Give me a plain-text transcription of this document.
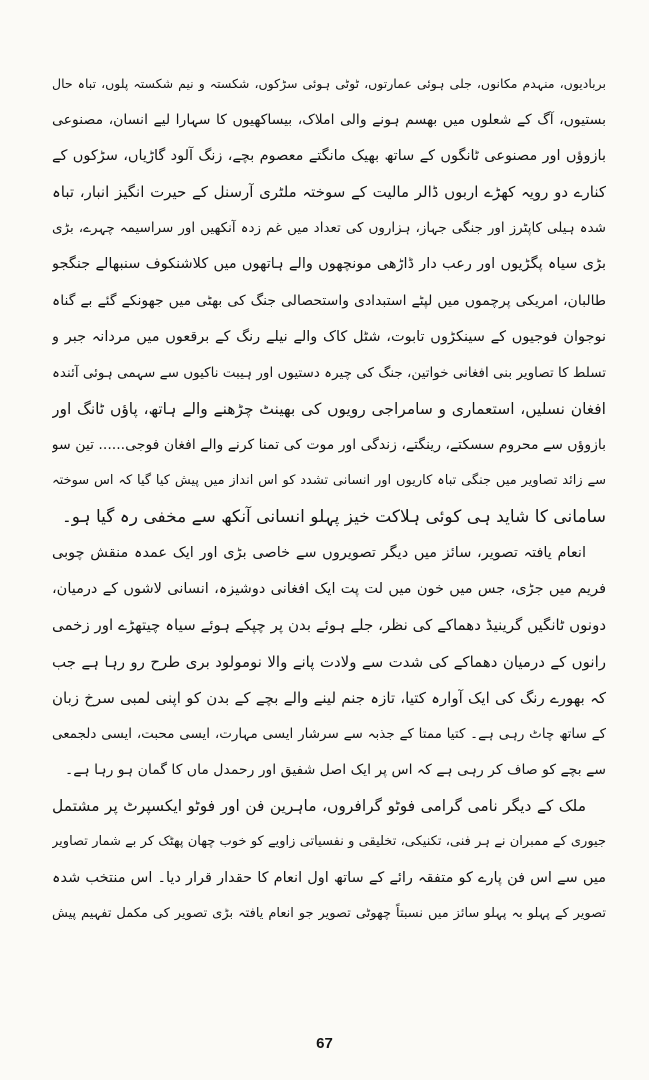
بربادیوں، منہدم مکانوں، جلی ہوئی عمارتوں، ٹوٹی ہوئی سڑکوں، شکستہ و نیم شکستہ پلوں، تباہ حال
بستیوں، آگ کے شعلوں میں بھسم ہونے والی املاک، بیساکھیوں کا سہارا لیے انسان، مصنوعی
بازوؤں اور مصنوعی ٹانگوں کے ساتھ بھیک مانگتے معصوم بچے، زنگ آلود گاڑیاں، سڑکوں کے
کنارے دو رویہ کھڑے اربوں ڈالر مالیت کے سوختہ ملٹری آرسنل کے حیرت انگیز انبار، تباہ
شدہ ہیلی کاپٹرز اور جنگی جہاز، ہزاروں کی تعداد میں غم زدہ آنکھیں اور سراسیمہ چہرے، بڑی
بڑی سیاہ پگڑیوں اور رعب دار ڈاڑھی مونچھوں والے ہاتھوں میں کلاشنکوف سنبھالے جنگجو
طالبان، امریکی پرچموں میں لپٹے استبدادی واستحصالی جنگ کی بھٹی میں جھونکے گئے بے گناہ
نوجوان فوجیوں کے سینکڑوں تابوت، شٹل کاک والے نیلے رنگ کے برقعوں میں مردانہ جبر و
تسلط کا تصاویر بنی افغانی خواتین، جنگ کی چیرہ دستیوں اور ہیبت ناکیوں سے سہمی ہوئی آئندہ
افغان نسلیں، استعماری و سامراجی رویوں کی بھینٹ چڑھنے والے ہاتھ، پاؤں ٹانگ اور
بازوؤں سے محروم سسکتے، رینگتے، زندگی اور موت کی تمنا کرنے والے افغان فوجی...... تین سو
سے زائد تصاویر میں جنگی تباہ کاریوں اور انسانی تشدد کو اس انداز میں پیش کیا گیا کہ اس سوختہ
سامانی کا شاید ہی کوئی ہلاکت خیز پہلو انسانی آنکھ سے مخفی رہ گیا ہو۔
انعام یافتہ تصویر، سائز میں دیگر تصویروں سے خاصی بڑی اور ایک عمدہ منقش چوبی
فریم میں جڑی، جس میں خون میں لت پت ایک افغانی دوشیزہ، انسانی لاشوں کے درمیان،
دونوں ٹانگیں گرینیڈ دھماکے کی نظر، جلے ہوئے بدن پر چپکے ہوئے سیاہ چیتھڑے اور زخمی
رانوں کے درمیان دھماکے کی شدت سے ولادت پانے والا نومولود بری طرح رو رہا ہے جب
کہ بھورے رنگ کی ایک آوارہ کتیا، تازہ جنم لینے والے بچے کے بدن کو اپنی لمبی سرخ زبان
کے ساتھ چاٹ رہی ہے۔ کتیا ممتا کے جذبہ سے سرشار ایسی مہارت، ایسی محبت، ایسی دلجمعی
سے بچے کو صاف کر رہی ہے کہ اس پر ایک اصل شفیق اور رحمدل ماں کا گمان ہو رہا ہے۔
ملک کے دیگر نامی گرامی فوٹو گرافروں، ماہرین فن اور فوٹو ایکسپرٹ پر مشتمل
جیوری کے ممبران نے ہر فنی، تکنیکی، تخلیقی و نفسیاتی زاویے کو خوب چھان پھٹک کر بے شمار تصاویر
میں سے اس فن پارے کو متفقہ رائے کے ساتھ اول انعام کا حقدار قرار دیا۔ اس منتخب شدہ
تصویر کے پہلو بہ پہلو سائز میں نسبتاً چھوٹی تصویر جو انعام یافتہ بڑی تصویر کی مکمل تفہیم پیش
67
